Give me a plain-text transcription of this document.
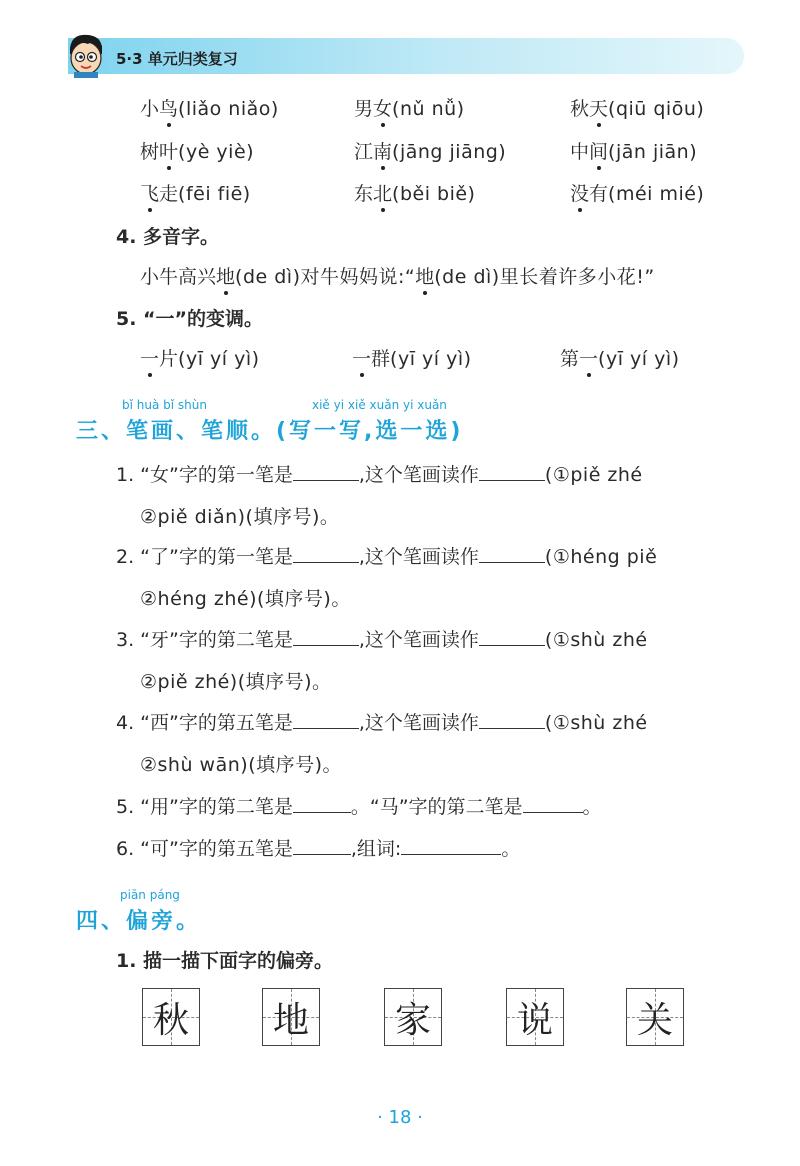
5·3 单元归类复习
小鸟(liǎo niǎo)	男女(nǔ nǚ)	秋天(qiū qiōu)
树叶(yè yiè)	江南(jāng jiāng)	中间(jān jiān)
飞走(fēi fiē)	东北(běi biě)	没有(méi mié)
4. 多音字。
小牛高兴地(de dì)对牛妈妈说:“地(de dì)里长着许多小花!”
5. “一”的变调。
一片(yī yí yì)	一群(yī yí yì)	第一(yī yí yì)
bǐ huà bǐ shùn	xiě yi xiě xuǎn yi xuǎn
三、笔画、笔顺。(写一写,选一选)
1. “女”字的第一笔是	,这个笔画读作	(①piě zhé
②piě diǎn)(填序号)。
2. “了”字的第一笔是	,这个笔画读作	(①héng piě
②héng zhé)(填序号)。
3. “牙”字的第二笔是	,这个笔画读作	(①shù zhé
②piě zhé)(填序号)。
4. “西”字的第五笔是	,这个笔画读作	(①shù zhé
②shù wān)(填序号)。
5. “用”字的第二笔是	。“马”字的第二笔是	。
6. “可”字的第五笔是	,组词:	。
piān páng
四、偏旁。
1. 描一描下面字的偏旁。
秋 地 家 说 关
· 18 ·
